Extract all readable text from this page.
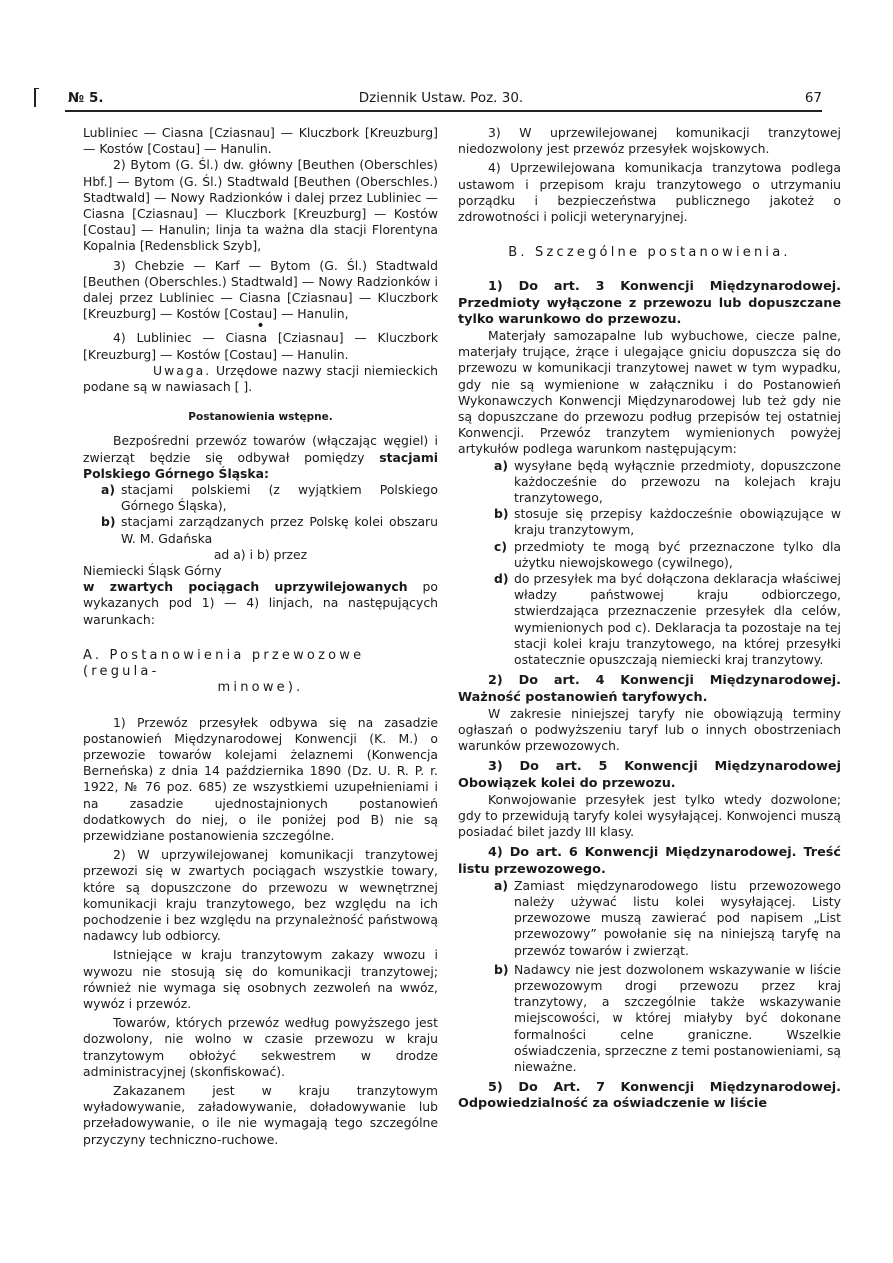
№ 5.	Dziennik Ustaw. Poz. 30.	67

Lubliniec — Ciasna [Cziasnau] — Kluczbork [Kreuzburg] — Kostów [Costau] — Hanulin.

2) Bytom (G. Śl.) dw. główny [Beuthen (Oberschles) Hbf.] — Bytom (G. Śl.) Stadtwald [Beuthen (Oberschles.) Stadtwald] — Nowy Radzionków i dalej przez Lubliniec — Ciasna [Cziasnau] — Kluczbork [Kreuzburg] — Kostów [Costau] — Hanulin; linja ta ważna dla stacji Florentyna Kopalnia [Redensblick Szyb],

3) Chebzie — Karf — Bytom (G. Śl.) Stadtwald [Beuthen (Oberschles.) Stadtwald] — Nowy Radzionków i dalej przez Lubliniec — Ciasna [Cziasnau] — Kluczbork [Kreuzburg] — Kostów [Costau] — Hanulin,

•

4) Lubliniec — Ciasna [Cziasnau] — Kluczbork [Kreuzburg] — Kostów [Costau] — Hanulin.

Uwaga. Urzędowe nazwy stacji niemieckich podane są w nawiasach [ ].

Postanowienia wstępne.

Bezpośredni przewóz towarów (włączając węgiel) i zwierząt będzie się odbywał pomiędzy stacjami Polskiego Górnego Śląska:

a) stacjami polskiemi (z wyjątkiem Polskiego Górnego Śląska),
b) stacjami zarządzanych przez Polskę kolei obszaru W. M. Gdańska

ad a) i b) przez

Niemiecki Śląsk Górny

w zwartych pociągach uprzywilejowanych po wykazanych pod 1) — 4) linjach, na następujących warunkach:

A. Postanowienia przewozowe (regula-
minowe).

1) Przewóz przesyłek odbywa się na zasadzie postanowień Międzynarodowej Konwencji (K. M.) o przewozie towarów kolejami żelaznemi (Konwencja Berneńska) z dnia 14 października 1890 (Dz. U. R. P. r. 1922, № 76 poz. 685) ze wszystkiemi uzupełnieniami i na zasadzie ujednostajnionych postanowień dodatkowych do niej, o ile poniżej pod B) nie są przewidziane postanowienia szczególne.

2) W uprzywilejowanej komunikacji tranzytowej przewozi się w zwartych pociągach wszystkie towary, które są dopuszczone do przewozu w wewnętrznej komunikacji kraju tranzytowego, bez względu na ich pochodzenie i bez względu na przynależność państwową nadawcy lub odbiorcy.

Istniejące w kraju tranzytowym zakazy wwozu i wywozu nie stosują się do komunikacji tranzytowej; również nie wymaga się osobnych zezwoleń na wwóz, wywóz i przewóz.

Towarów, których przewóz według powyższego jest dozwolony, nie wolno w czasie przewozu w kraju tranzytowym obłożyć sekwestrem w drodze administracyjnej (skonfiskować).

Zakazanem jest w kraju tranzytowym wyładowywanie, załadowywanie, doładowywanie lub przeładowywanie, o ile nie wymagają tego szczególne przyczyny techniczno-ruchowe.

3) W uprzewilejowanej komunikacji tranzytowej niedozwolony jest przewóz przesyłek wojskowych.

4) Uprzewilejowana komunikacja tranzytowa podlega ustawom i przepisom kraju tranzytowego o utrzymaniu porządku i bezpieczeństwa publicznego jakoteż o zdrowotności i policji weterynaryjnej.

B. Szczególne postanowienia.

1) Do art. 3 Konwencji Międzynarodowej. Przedmioty wyłączone z przewozu lub dopuszczane tylko warunkowo do przewozu.

Materjały samozapalne lub wybuchowe, ciecze palne, materjały trujące, żrące i ulegające gniciu dopuszcza się do przewozu w komunikacji tranzytowej nawet w tym wypadku, gdy nie są wymienione w załączniku i do Postanowień Wykonawczych Konwencji Międzynarodowej lub też gdy nie są dopuszczane do przewozu podług przepisów tej ostatniej Konwencji. Przewóz tranzytem wymienionych powyżej artykułów podlega warunkom następującym:

a) wysyłane będą wyłącznie przedmioty, dopuszczone każdocześnie do przewozu na kolejach kraju tranzytowego,
b) stosuje się przepisy każdocześnie obowiązujące w kraju tranzytowym,
c) przedmioty te mogą być przeznaczone tylko dla użytku niewojskowego (cywilnego),
d) do przesyłek ma być dołączona deklaracja właściwej władzy państwowej kraju odbiorczego, stwierdzająca przeznaczenie przesyłek dla celów, wymienionych pod c). Deklaracja ta pozostaje na tej stacji kolei kraju tranzytowego, na której przesyłki ostatecznie opuszczają niemiecki kraj tranzytowy.

2) Do art. 4 Konwencji Międzynarodowej. Ważność postanowień taryfowych.

W zakresie niniejszej taryfy nie obowiązują terminy ogłaszań o podwyższeniu taryf lub o innych obostrzeniach warunków przewozowych.

3) Do art. 5 Konwencji Międzynarodowej Obowiązek kolei do przewozu.

Konwojowanie przesyłek jest tylko wtedy dozwolone; gdy to przewidują taryfy kolei wysyłającej. Konwojenci muszą posiadać bilet jazdy III klasy.

4) Do art. 6 Konwencji Międzynarodowej. Treść listu przewozowego.

a) Zamiast międzynarodowego listu przewozowego należy używać listu kolei wysyłającej. Listy przewozowe muszą zawierać pod napisem „List przewozowy” powołanie się na niniejszą taryfę na przewóz towarów i zwierząt.
b) Nadawcy nie jest dozwolonem wskazywanie w liście przewozowym drogi przewozu przez kraj tranzytowy, a szczególnie także wskazywanie miejscowości, w której miałyby być dokonane formalności celne graniczne. Wszelkie oświadczenia, sprzeczne z temi postanowieniami, są nieważne.

5) Do Art. 7 Konwencji Międzynarodowej. Odpowiedzialność za oświadczenie w liście
